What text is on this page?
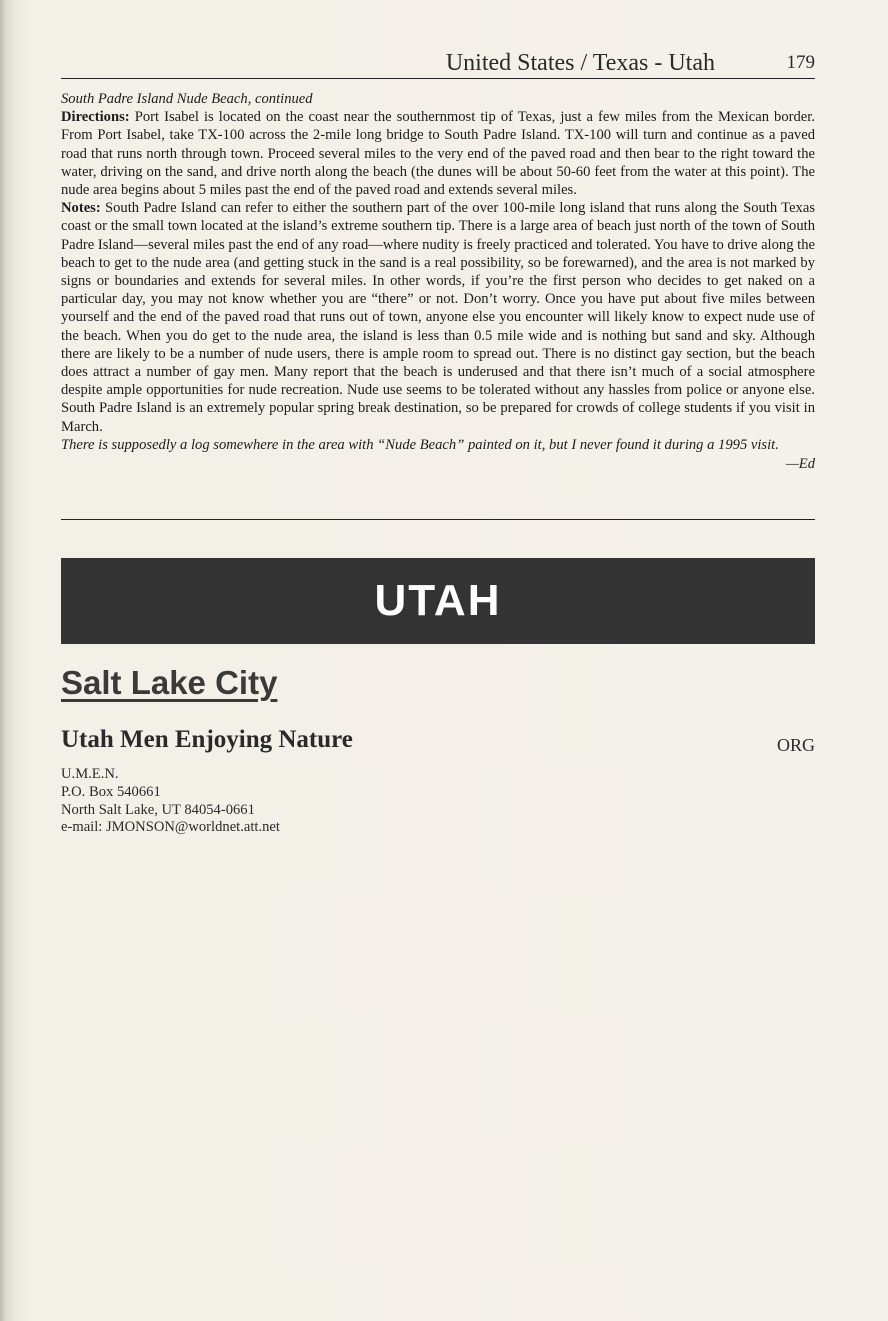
United States / Texas - Utah	179

South Padre Island Nude Beach, continued

Directions: Port Isabel is located on the coast near the southernmost tip of Texas, just a few miles from the Mexican border. From Port Isabel, take TX-100 across the 2-mile long bridge to South Padre Island. TX-100 will turn and continue as a paved road that runs north through town. Proceed several miles to the very end of the paved road and then bear to the right toward the water, driving on the sand, and drive north along the beach (the dunes will be about 50-60 feet from the water at this point). The nude area begins about 5 miles past the end of the paved road and extends several miles.

Notes: South Padre Island can refer to either the southern part of the over 100-mile long island that runs along the South Texas coast or the small town located at the island’s extreme southern tip. There is a large area of beach just north of the town of South Padre Island—several miles past the end of any road—where nudity is freely practiced and tolerated. You have to drive along the beach to get to the nude area (and getting stuck in the sand is a real possibility, so be forewarned), and the area is not marked by signs or boundaries and extends for several miles. In other words, if you’re the first person who decides to get naked on a particular day, you may not know whether you are “there” or not. Don’t worry. Once you have put about five miles between yourself and the end of the paved road that runs out of town, anyone else you encounter will likely know to expect nude use of the beach. When you do get to the nude area, the island is less than 0.5 mile wide and is nothing but sand and sky. Although there are likely to be a number of nude users, there is ample room to spread out. There is no distinct gay section, but the beach does attract a number of gay men. Many report that the beach is underused and that there isn’t much of a social atmosphere despite ample opportunities for nude recreation. Nude use seems to be tolerated without any hassles from police or anyone else. South Padre Island is an extremely popular spring break destination, so be prepared for crowds of college students if you visit in March.

There is supposedly a log somewhere in the area with “Nude Beach” painted on it, but I never found it during a 1995 visit.

—Ed

UTAH
Salt Lake City
Utah Men Enjoying Nature	ORG
U.M.E.N.
P.O. Box 540661
North Salt Lake, UT 84054-0661
e-mail: JMONSON@worldnet.att.net
